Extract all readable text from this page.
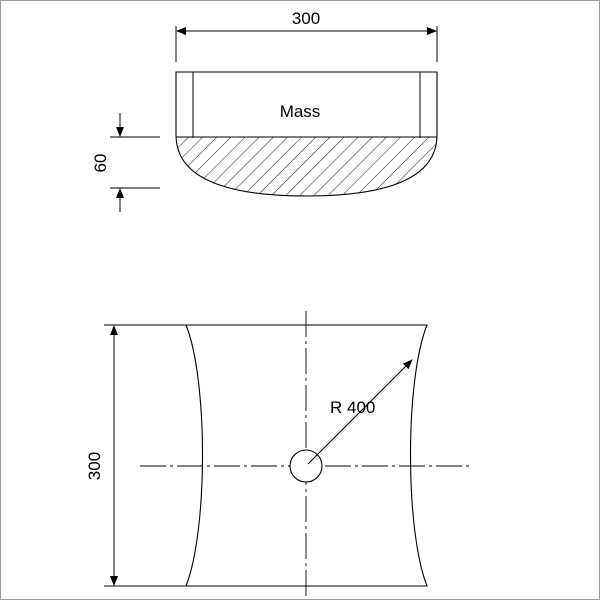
300
Mass
60
R 400
300
